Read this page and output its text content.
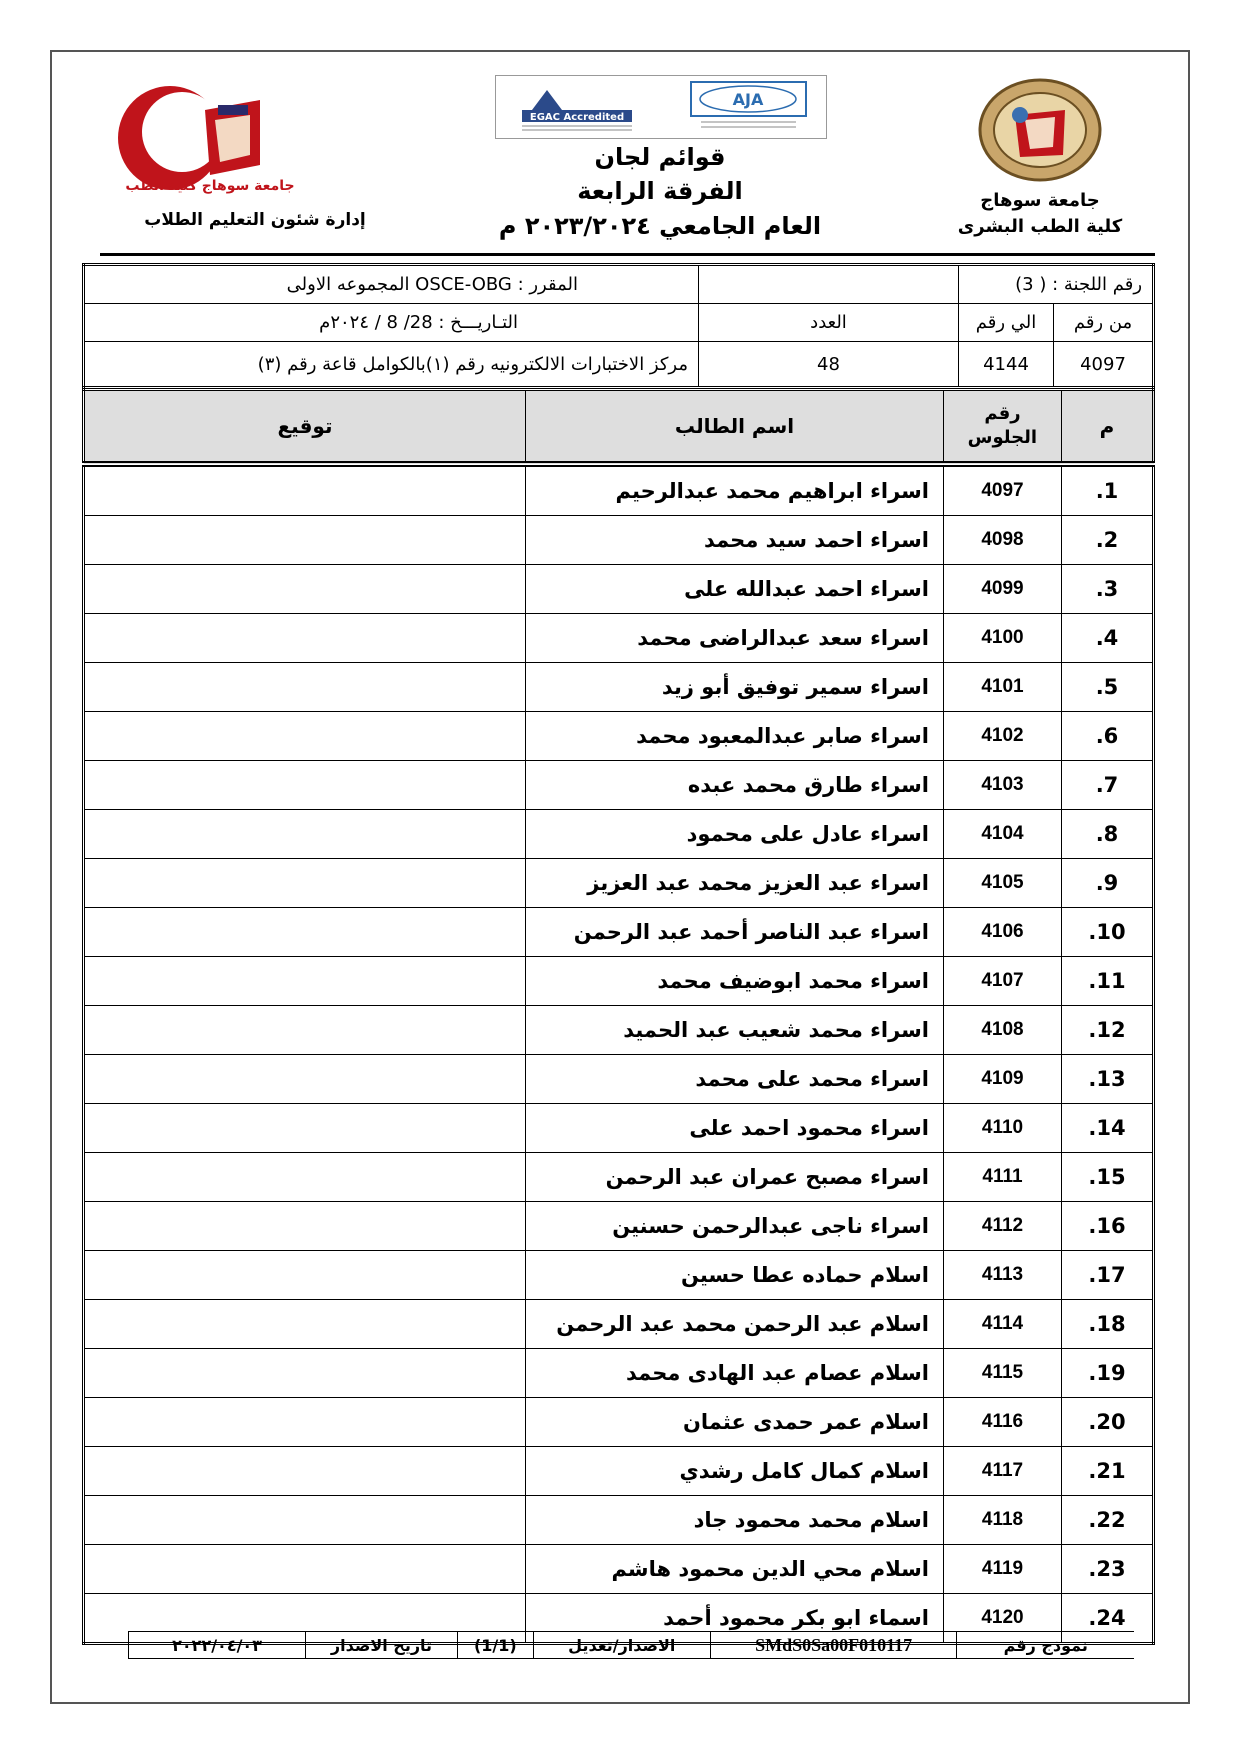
جامعة سوهاج كلية الطب
إدارة شئون التعليم الطلاب
EGAC Accredited
AJA
قوائم لجان
الفرقة الرابعة
العام الجامعي ٢٠٢٣/٢٠٢٤ م
جامعة سوهاج
كلية الطب البشرى
رقم اللجنة : ( 3)			المقرر : OSCE-OBG المجموعه الاولى
من رقم	الي رقم	العدد	التـاريـــخ : 28/ 8 / ٢٠٢٤م
4097	4144	48	مركز الاختبارات الالكترونيه رقم (١)بالكوامل قاعة رقم (٣)
م	رقم الجلوس	اسم الطالب	توقيع
1.	4097	اسراء ابراهيم محمد عبدالرحيم	
2.	4098	اسراء احمد سيد محمد	
3.	4099	اسراء احمد عبدالله على	
4.	4100	اسراء سعد عبدالراضى محمد	
5.	4101	اسراء سمير توفيق أبو زيد	
6.	4102	اسراء صابر عبدالمعبود محمد	
7.	4103	اسراء طارق محمد عبده	
8.	4104	اسراء عادل على محمود	
9.	4105	اسراء عبد العزيز محمد عبد العزيز	
10.	4106	اسراء عبد الناصر أحمد عبد الرحمن	
11.	4107	اسراء محمد ابوضيف محمد	
12.	4108	اسراء محمد شعيب عبد الحميد	
13.	4109	اسراء محمد على محمد	
14.	4110	اسراء محمود احمد على	
15.	4111	اسراء مصبح عمران عبد الرحمن	
16.	4112	اسراء ناجى عبدالرحمن حسنين	
17.	4113	اسلام حماده عطا حسين	
18.	4114	اسلام عبد الرحمن محمد عبد الرحمن	
19.	4115	اسلام عصام عبد الهادى محمد	
20.	4116	اسلام عمر حمدى عثمان	
21.	4117	اسلام كمال كامل رشدي	
22.	4118	اسلام محمد محمود جاد	
23.	4119	اسلام محي الدين محمود هاشم	
24.	4120	اسماء ابو بكر محمود أحمد	
نموذج رقم	SMdS0Sa00F010117	الاصدار/تعديل	(1/1)	تاريخ الاصدار	٢٠٢٢/٠٤/٠٣
